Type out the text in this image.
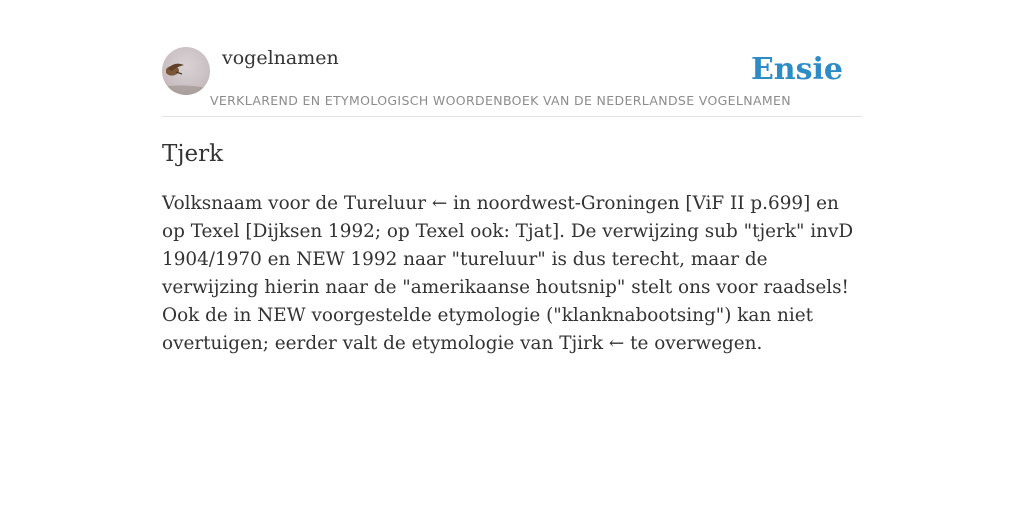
vogelnamen	Ensie
VERKLAREND EN ETYMOLOGISCH WOORDENBOEK VAN DE NEDERLANDSE VOGELNAMEN
Tjerk

Volksnaam voor de Tureluur ← in noordwest-Groningen [ViF II p.699] en op Texel [Dijksen 1992; op Texel ook: Tjat]. De verwijzing sub "tjerk" invD 1904/1970 en NEW 1992 naar "tureluur" is dus terecht, maar de verwijzing hierin naar de "amerikaanse houtsnip" stelt ons voor raadsels! Ook de in NEW voorgestelde etymologie ("klanknabootsing") kan niet overtuigen; eerder valt de etymologie van Tjirk ← te overwegen.
